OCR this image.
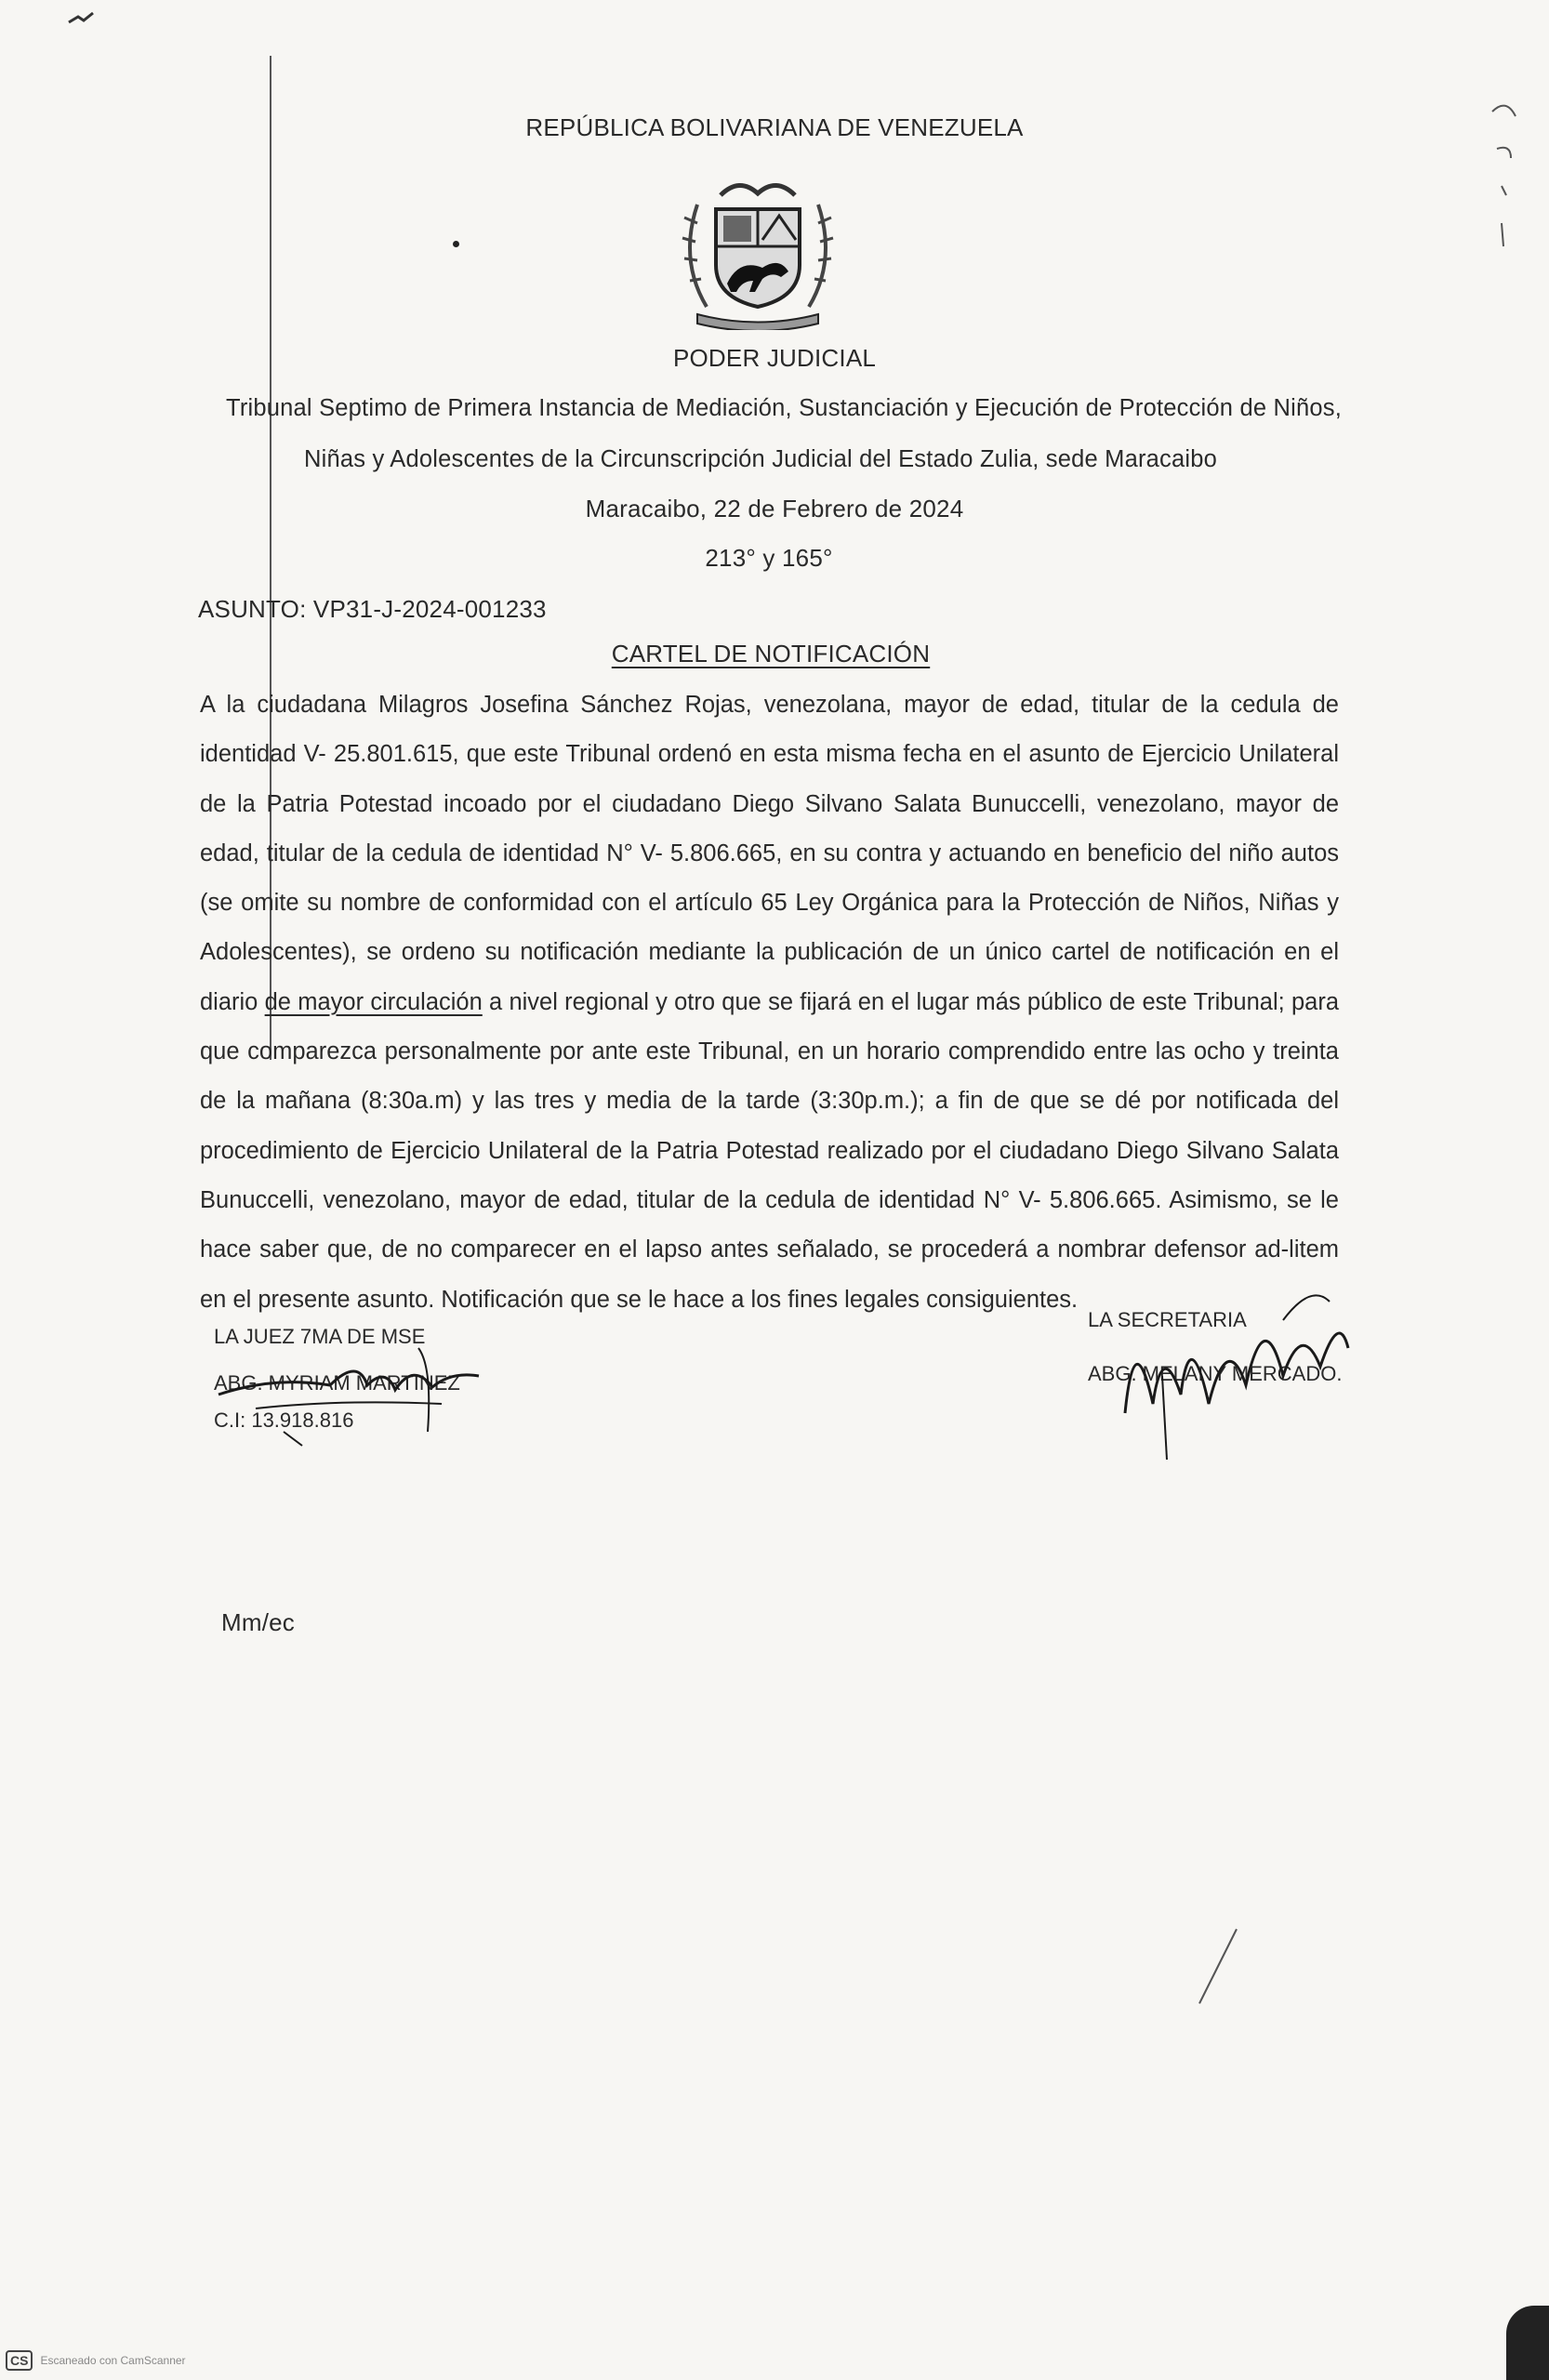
REPÚBLICA BOLIVARIANA DE VENEZUELA
PODER JUDICIAL
Tribunal Septimo de Primera Instancia de Mediación, Sustanciación y Ejecución de Protección de Niños,
Niñas y Adolescentes de la Circunscripción Judicial del Estado Zulia, sede Maracaibo
Maracaibo, 22 de Febrero de 2024
213° y 165°
ASUNTO: VP31-J-2024-001233
CARTEL DE NOTIFICACIÓN

A la ciudadana Milagros Josefina Sánchez Rojas, venezolana, mayor de edad, titular de la cedula de identidad V- 25.801.615, que este Tribunal ordenó en esta misma fecha en el asunto de Ejercicio Unilateral de la Patria Potestad incoado por el ciudadano Diego Silvano Salata Bunuccelli, venezolano, mayor de edad, titular de la cedula de identidad N° V- 5.806.665, en su contra y actuando en beneficio del niño autos (se omite su nombre de conformidad con el artículo 65 Ley Orgánica para la Protección de Niños, Niñas y Adolescentes), se ordeno su notificación mediante la publicación de un único cartel de notificación en el diario de mayor circulación a nivel regional y otro que se fijará en el lugar más público de este Tribunal; para que comparezca personalmente por ante este Tribunal, en un horario comprendido entre las ocho y treinta de la mañana (8:30a.m) y las tres y media de la tarde (3:30p.m.); a fin de que se dé por notificada del procedimiento de Ejercicio Unilateral de la Patria Potestad realizado por el ciudadano Diego Silvano Salata Bunuccelli, venezolano, mayor de edad, titular de la cedula de identidad N° V- 5.806.665. Asimismo, se le hace saber que, de no comparecer en el lapso antes señalado, se procederá a nombrar defensor ad-litem en el presente asunto. Notificación que se le hace a los fines legales consiguientes.

LA JUEZ 7MA DE MSE
ABG. MYRIAM MARTINEZ
C.I: 13.918.816
LA SECRETARIA
ABG. MELANY MERCADO.
Mm/ec
CS	Escaneado con CamScanner
